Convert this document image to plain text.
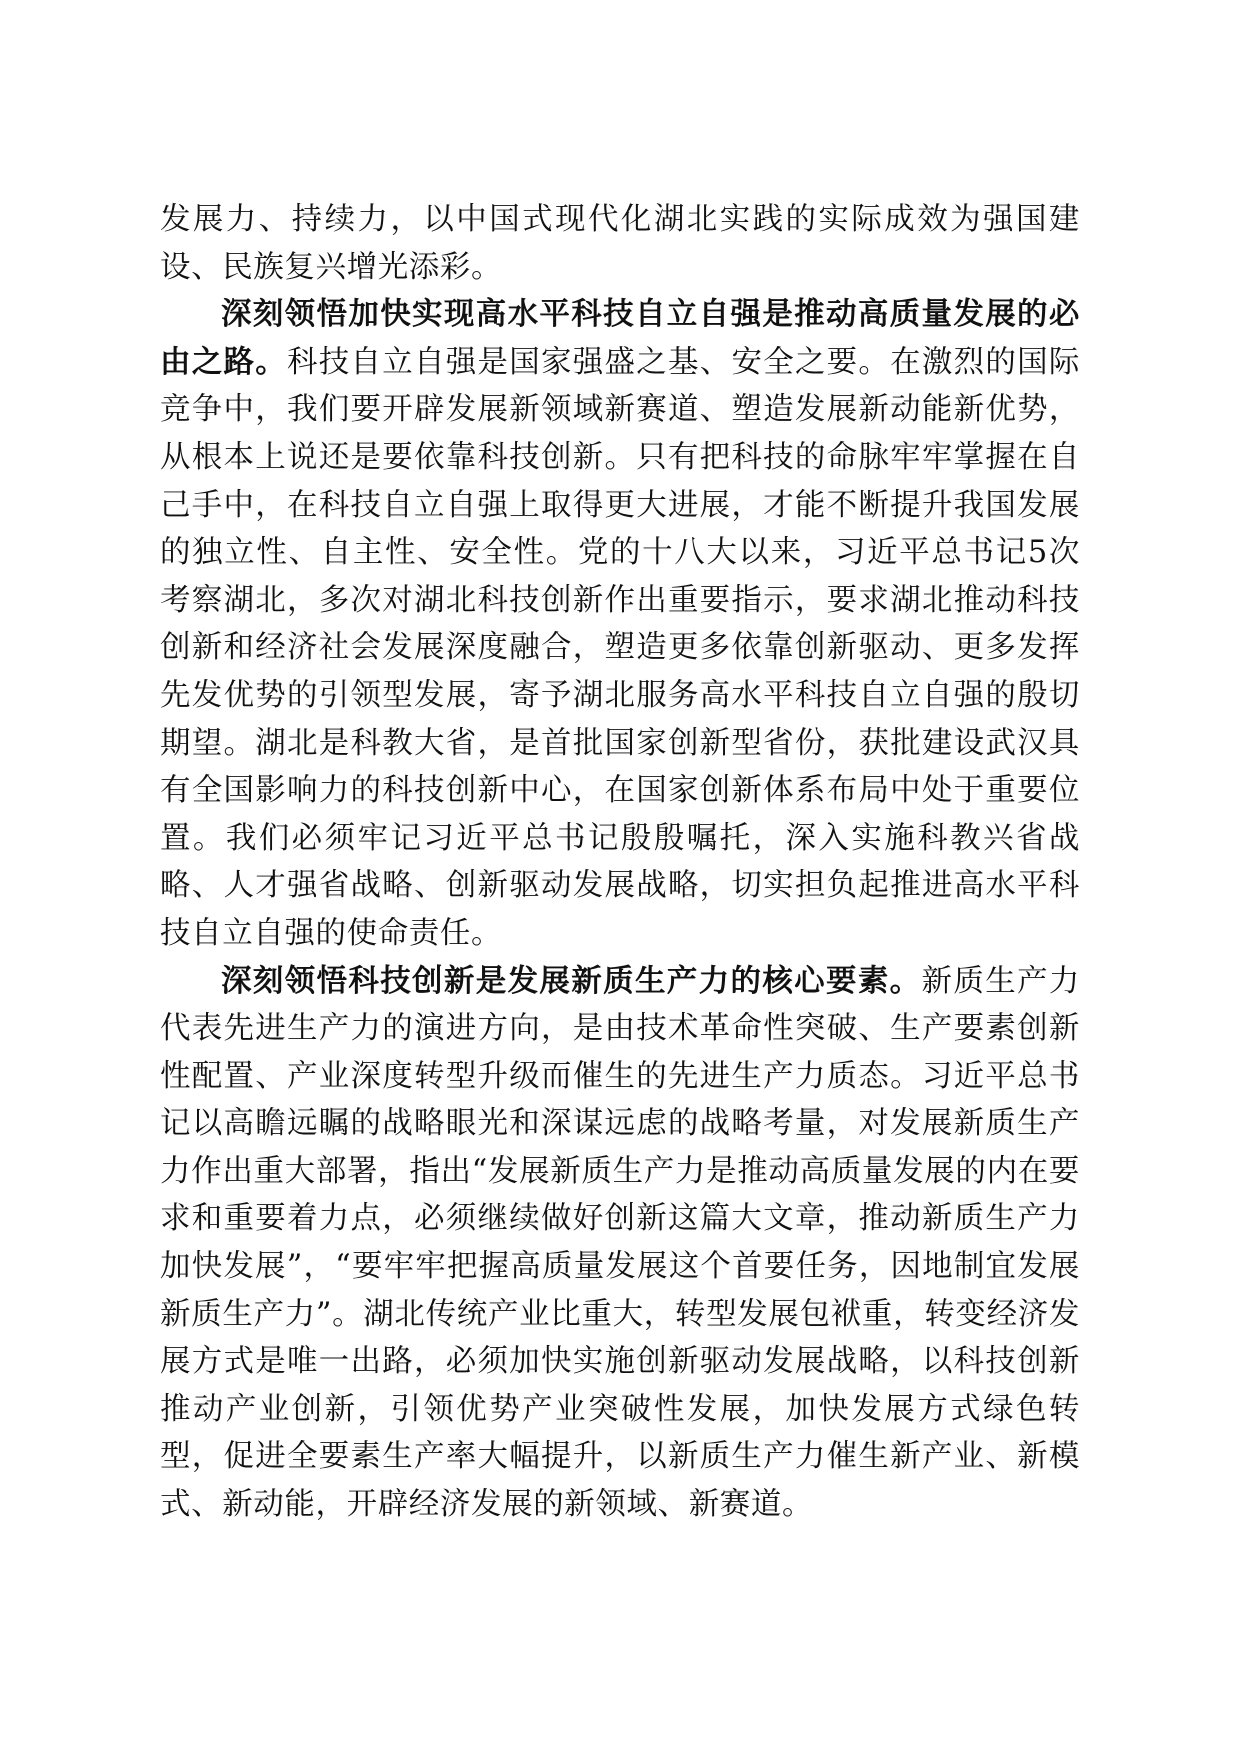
发展力、持续力，以中国式现代化湖北实践的实际成效为强国建设、民族复兴增光添彩。

深刻领悟加快实现高水平科技自立自强是推动高质量发展的必由之路。科技自立自强是国家强盛之基、安全之要。在激烈的国际竞争中，我们要开辟发展新领域新赛道、塑造发展新动能新优势，从根本上说还是要依靠科技创新。只有把科技的命脉牢牢掌握在自己手中，在科技自立自强上取得更大进展，才能不断提升我国发展的独立性、自主性、安全性。党的十八大以来，习近平总书记5次考察湖北，多次对湖北科技创新作出重要指示，要求湖北推动科技创新和经济社会发展深度融合，塑造更多依靠创新驱动、更多发挥先发优势的引领型发展，寄予湖北服务高水平科技自立自强的殷切期望。湖北是科教大省，是首批国家创新型省份，获批建设武汉具有全国影响力的科技创新中心，在国家创新体系布局中处于重要位置。我们必须牢记习近平总书记殷殷嘱托，深入实施科教兴省战略、人才强省战略、创新驱动发展战略，切实担负起推进高水平科技自立自强的使命责任。

深刻领悟科技创新是发展新质生产力的核心要素。新质生产力代表先进生产力的演进方向，是由技术革命性突破、生产要素创新性配置、产业深度转型升级而催生的先进生产力质态。习近平总书记以高瞻远瞩的战略眼光和深谋远虑的战略考量，对发展新质生产力作出重大部署，指出“发展新质生产力是推动高质量发展的内在要求和重要着力点，必须继续做好创新这篇大文章，推动新质生产力加快发展”，“要牢牢把握高质量发展这个首要任务，因地制宜发展新质生产力”。湖北传统产业比重大，转型发展包袱重，转变经济发展方式是唯一出路，必须加快实施创新驱动发展战略，以科技创新推动产业创新，引领优势产业突破性发展，加快发展方式绿色转型，促进全要素生产率大幅提升，以新质生产力催生新产业、新模式、新动能，开辟经济发展的新领域、新赛道。
